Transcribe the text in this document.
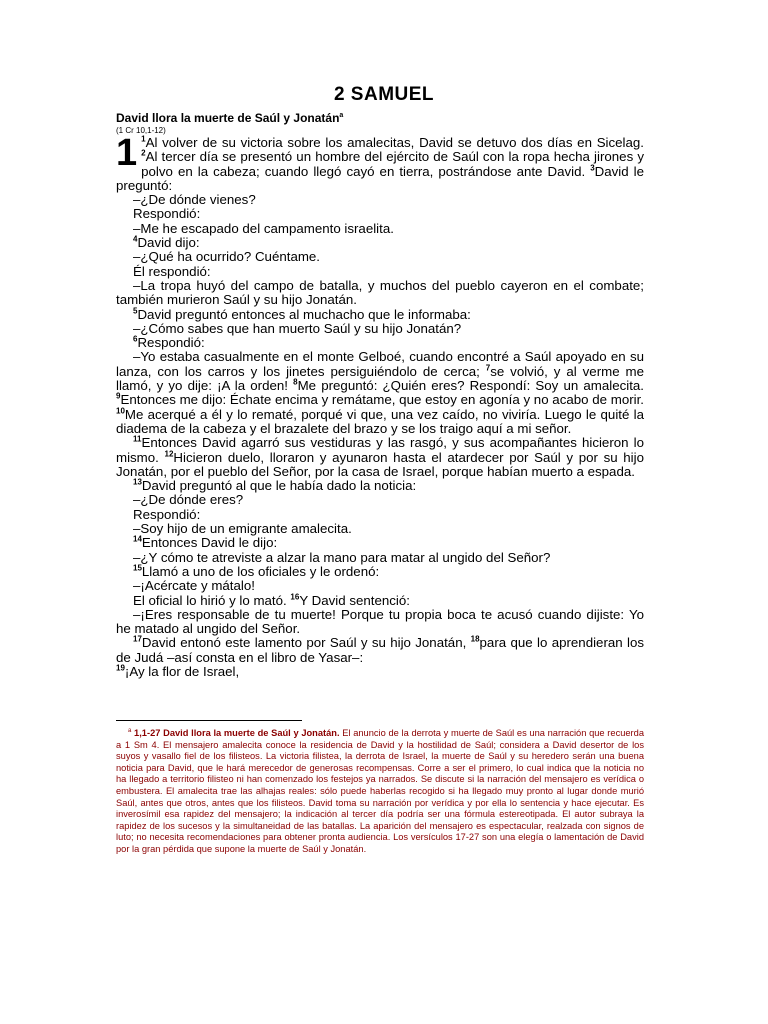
2 SAMUEL
David llora la muerte de Saúl y Jonatán$^a$
(1 Cr 10,1-12)

1 $^1$Al volver de su victoria sobre los amalecitas, David se detuvo dos días en Sicelag. $^2$Al tercer día se presentó un hombre del ejército de Saúl con la ropa hecha jirones y polvo en la cabeza; cuando llegó cayó en tierra, postrándose ante David. $^3$David le preguntó:

–¿De dónde vienes?

Respondió:

–Me he escapado del campamento israelita.

$^4$David dijo:

–¿Qué ha ocurrido? Cuéntame.

Él respondió:

–La tropa huyó del campo de batalla, y muchos del pueblo cayeron en el combate; también murieron Saúl y su hijo Jonatán.

$^5$David preguntó entonces al muchacho que le informaba:

–¿Cómo sabes que han muerto Saúl y su hijo Jonatán?

$^6$Respondió:

–Yo estaba casualmente en el monte Gelboé, cuando encontré a Saúl apoyado en su lanza, con los carros y los jinetes persiguiéndolo de cerca; $^7$se volvió, y al verme me llamó, y yo dije: ¡A la orden! $^8$Me preguntó: ¿Quién eres? Respondí: Soy un amalecita. $^9$Entonces me dijo: Échate encima y remátame, que estoy en agonía y no acabo de morir. $^{10}$Me acerqué a él y lo rematé, porqué vi que, una vez caído, no viviría. Luego le quité la diadema de la cabeza y el brazalete del brazo y se los traigo aquí a mi señor.

$^{11}$Entonces David agarró sus vestiduras y las rasgó, y sus acompañantes hicieron lo mismo. $^{12}$Hicieron duelo, lloraron y ayunaron hasta el atardecer por Saúl y por su hijo Jonatán, por el pueblo del Señor, por la casa de Israel, porque habían muerto a espada.

$^{13}$David preguntó al que le había dado la noticia:

–¿De dónde eres?

Respondió:

–Soy hijo de un emigrante amalecita.

$^{14}$Entonces David le dijo:

–¿Y cómo te atreviste a alzar la mano para matar al ungido del Señor?

$^{15}$Llamó a uno de los oficiales y le ordenó:

–¡Acércate y mátalo!

El oficial lo hirió y lo mató. $^{16}$Y David sentenció:

–¡Eres responsable de tu muerte! Porque tu propia boca te acusó cuando dijiste: Yo he matado al ungido del Señor.

$^{17}$David entonó este lamento por Saúl y su hijo Jonatán, $^{18}$para que lo aprendieran los de Judá –así consta en el libro de Yasar–:

$^{19}$¡Ay la flor de Israel,

$^a$ 1,1-27 David llora la muerte de Saúl y Jonatán. El anuncio de la derrota y muerte de Saúl es una narración que recuerda a 1 Sm 4. El mensajero amalecita conoce la residencia de David y la hostilidad de Saúl; considera a David desertor de los suyos y vasallo fiel de los filisteos. La victoria filistea, la derrota de Israel, la muerte de Saúl y su heredero serán una buena noticia para David, que le hará merecedor de generosas recompensas. Corre a ser el primero, lo cual indica que la noticia no ha llegado a territorio filisteo ni han comenzado los festejos ya narrados. Se discute si la narración del mensajero es verídica o embustera. El amalecita trae las alhajas reales: sólo puede haberlas recogido si ha llegado muy pronto al lugar donde murió Saúl, antes que otros, antes que los filisteos. David toma su narración por verídica y por ella lo sentencia y hace ejecutar. Es inverosímil esa rapidez del mensajero; la indicación al tercer día podría ser una fórmula estereotipada. El autor subraya la rapidez de los sucesos y la simultaneidad de las batallas. La aparición del mensajero es espectacular, realzada con signos de luto; no necesita recomendaciones para obtener pronta audiencia. Los versículos 17-27 son una elegía o lamentación de David por la gran pérdida que supone la muerte de Saúl y Jonatán.
